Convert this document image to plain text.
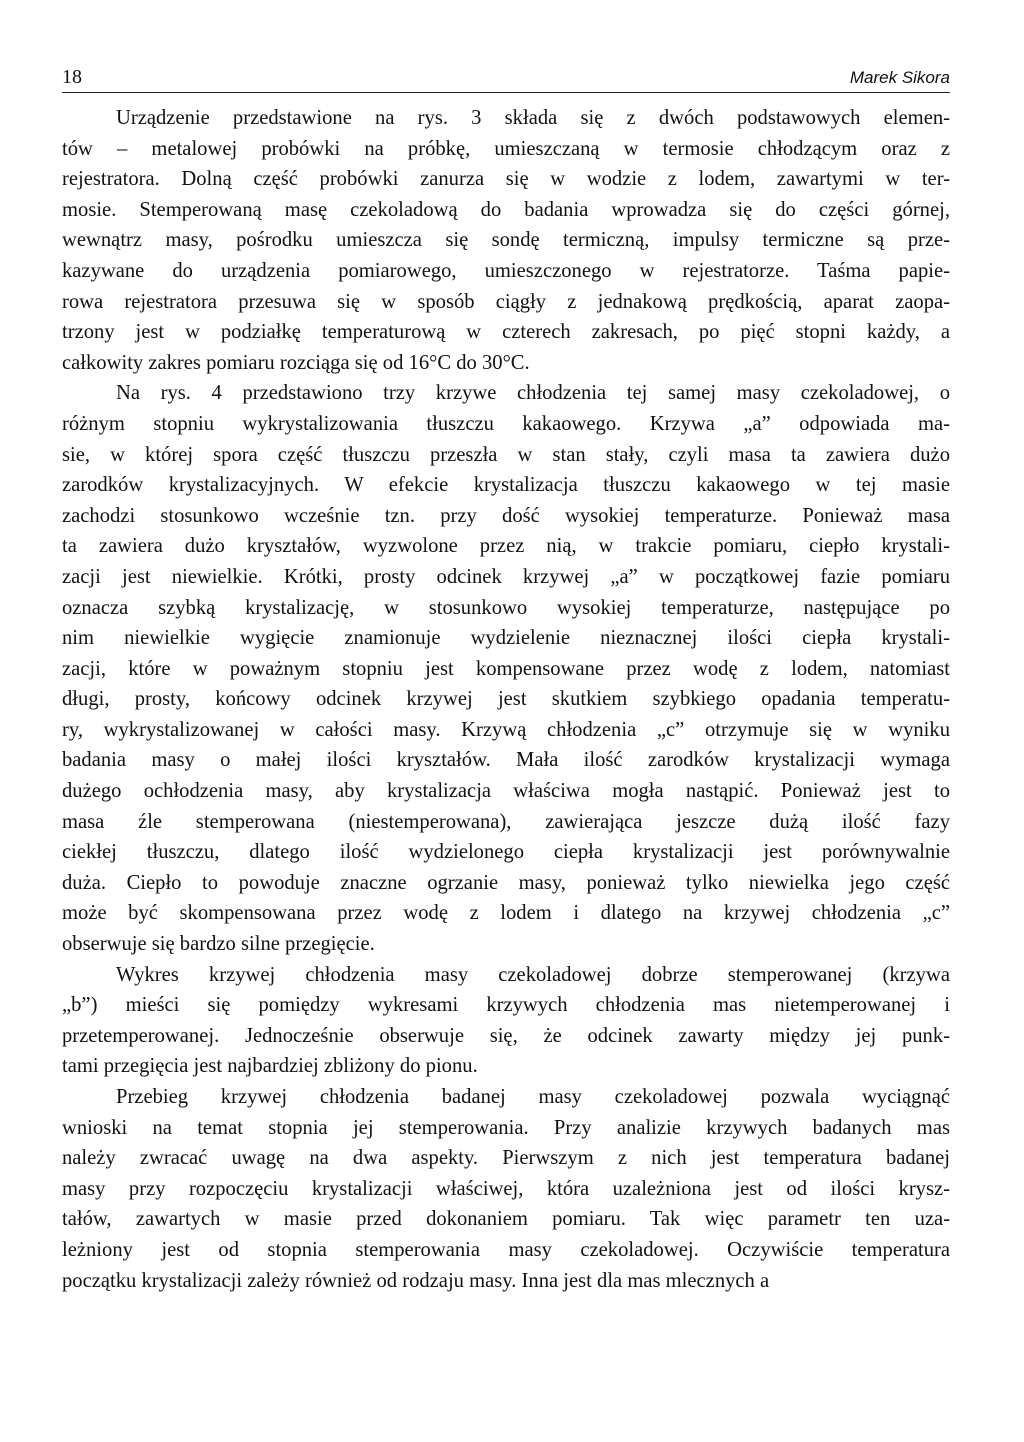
18	Marek Sikora
Urządzenie przedstawione na rys. 3 składa się z dwóch podstawowych elemen-
tów – metalowej probówki na próbkę, umieszczaną w termosie chłodzącym oraz z
rejestratora. Dolną część probówki zanurza się w wodzie z lodem, zawartymi w ter-
mosie. Stemperowaną masę czekoladową do badania wprowadza się do części górnej,
wewnątrz masy, pośrodku umieszcza się sondę termiczną, impulsy termiczne są prze-
kazywane do urządzenia pomiarowego, umieszczonego w rejestratorze. Taśma papie-
rowa rejestratora przesuwa się w sposób ciągły z jednakową prędkością, aparat zaopa-
trzony jest w podziałkę temperaturową w czterech zakresach, po pięć stopni każdy, a
całkowity zakres pomiaru rozciąga się od 16°C do 30°C.
Na rys. 4 przedstawiono trzy krzywe chłodzenia tej samej masy czekoladowej, o
różnym stopniu wykrystalizowania tłuszczu kakaowego. Krzywa „a” odpowiada ma-
sie, w której spora część tłuszczu przeszła w stan stały, czyli masa ta zawiera dużo
zarodków krystalizacyjnych. W efekcie krystalizacja tłuszczu kakaowego w tej masie
zachodzi stosunkowo wcześnie tzn. przy dość wysokiej temperaturze. Ponieważ masa
ta zawiera dużo kryształów, wyzwolone przez nią, w trakcie pomiaru, ciepło krystali-
zacji jest niewielkie. Krótki, prosty odcinek krzywej „a” w początkowej fazie pomiaru
oznacza szybką krystalizację, w stosunkowo wysokiej temperaturze, następujące po
nim niewielkie wygięcie znamionuje wydzielenie nieznacznej ilości ciepła krystali-
zacji, które w poważnym stopniu jest kompensowane przez wodę z lodem, natomiast
długi, prosty, końcowy odcinek krzywej jest skutkiem szybkiego opadania temperatu-
ry, wykrystalizowanej w całości masy. Krzywą chłodzenia „c” otrzymuje się w wyniku
badania masy o małej ilości kryształów. Mała ilość zarodków krystalizacji wymaga
dużego ochłodzenia masy, aby krystalizacja właściwa mogła nastąpić. Ponieważ jest to
masa źle stemperowana (niestemperowana), zawierająca jeszcze dużą ilość fazy
ciekłej tłuszczu, dlatego ilość wydzielonego ciepła krystalizacji jest porównywalnie
duża. Ciepło to powoduje znaczne ogrzanie masy, ponieważ tylko niewielka jego część
może być skompensowana przez wodę z lodem i dlatego na krzywej chłodzenia „c”
obserwuje się bardzo silne przegięcie.
Wykres krzywej chłodzenia masy czekoladowej dobrze stemperowanej (krzywa
„b”) mieści się pomiędzy wykresami krzywych chłodzenia mas nietemperowanej i
przetemperowanej. Jednocześnie obserwuje się, że odcinek zawarty między jej punk-
tami przegięcia jest najbardziej zbliżony do pionu.
Przebieg krzywej chłodzenia badanej masy czekoladowej pozwala wyciągnąć
wnioski na temat stopnia jej stemperowania. Przy analizie krzywych badanych mas
należy zwracać uwagę na dwa aspekty. Pierwszym z nich jest temperatura badanej
masy przy rozpoczęciu krystalizacji właściwej, która uzależniona jest od ilości krysz-
tałów, zawartych w masie przed dokonaniem pomiaru. Tak więc parametr ten uza-
leżniony jest od stopnia stemperowania masy czekoladowej. Oczywiście temperatura
początku krystalizacji zależy również od rodzaju masy. Inna jest dla mas mlecznych a
